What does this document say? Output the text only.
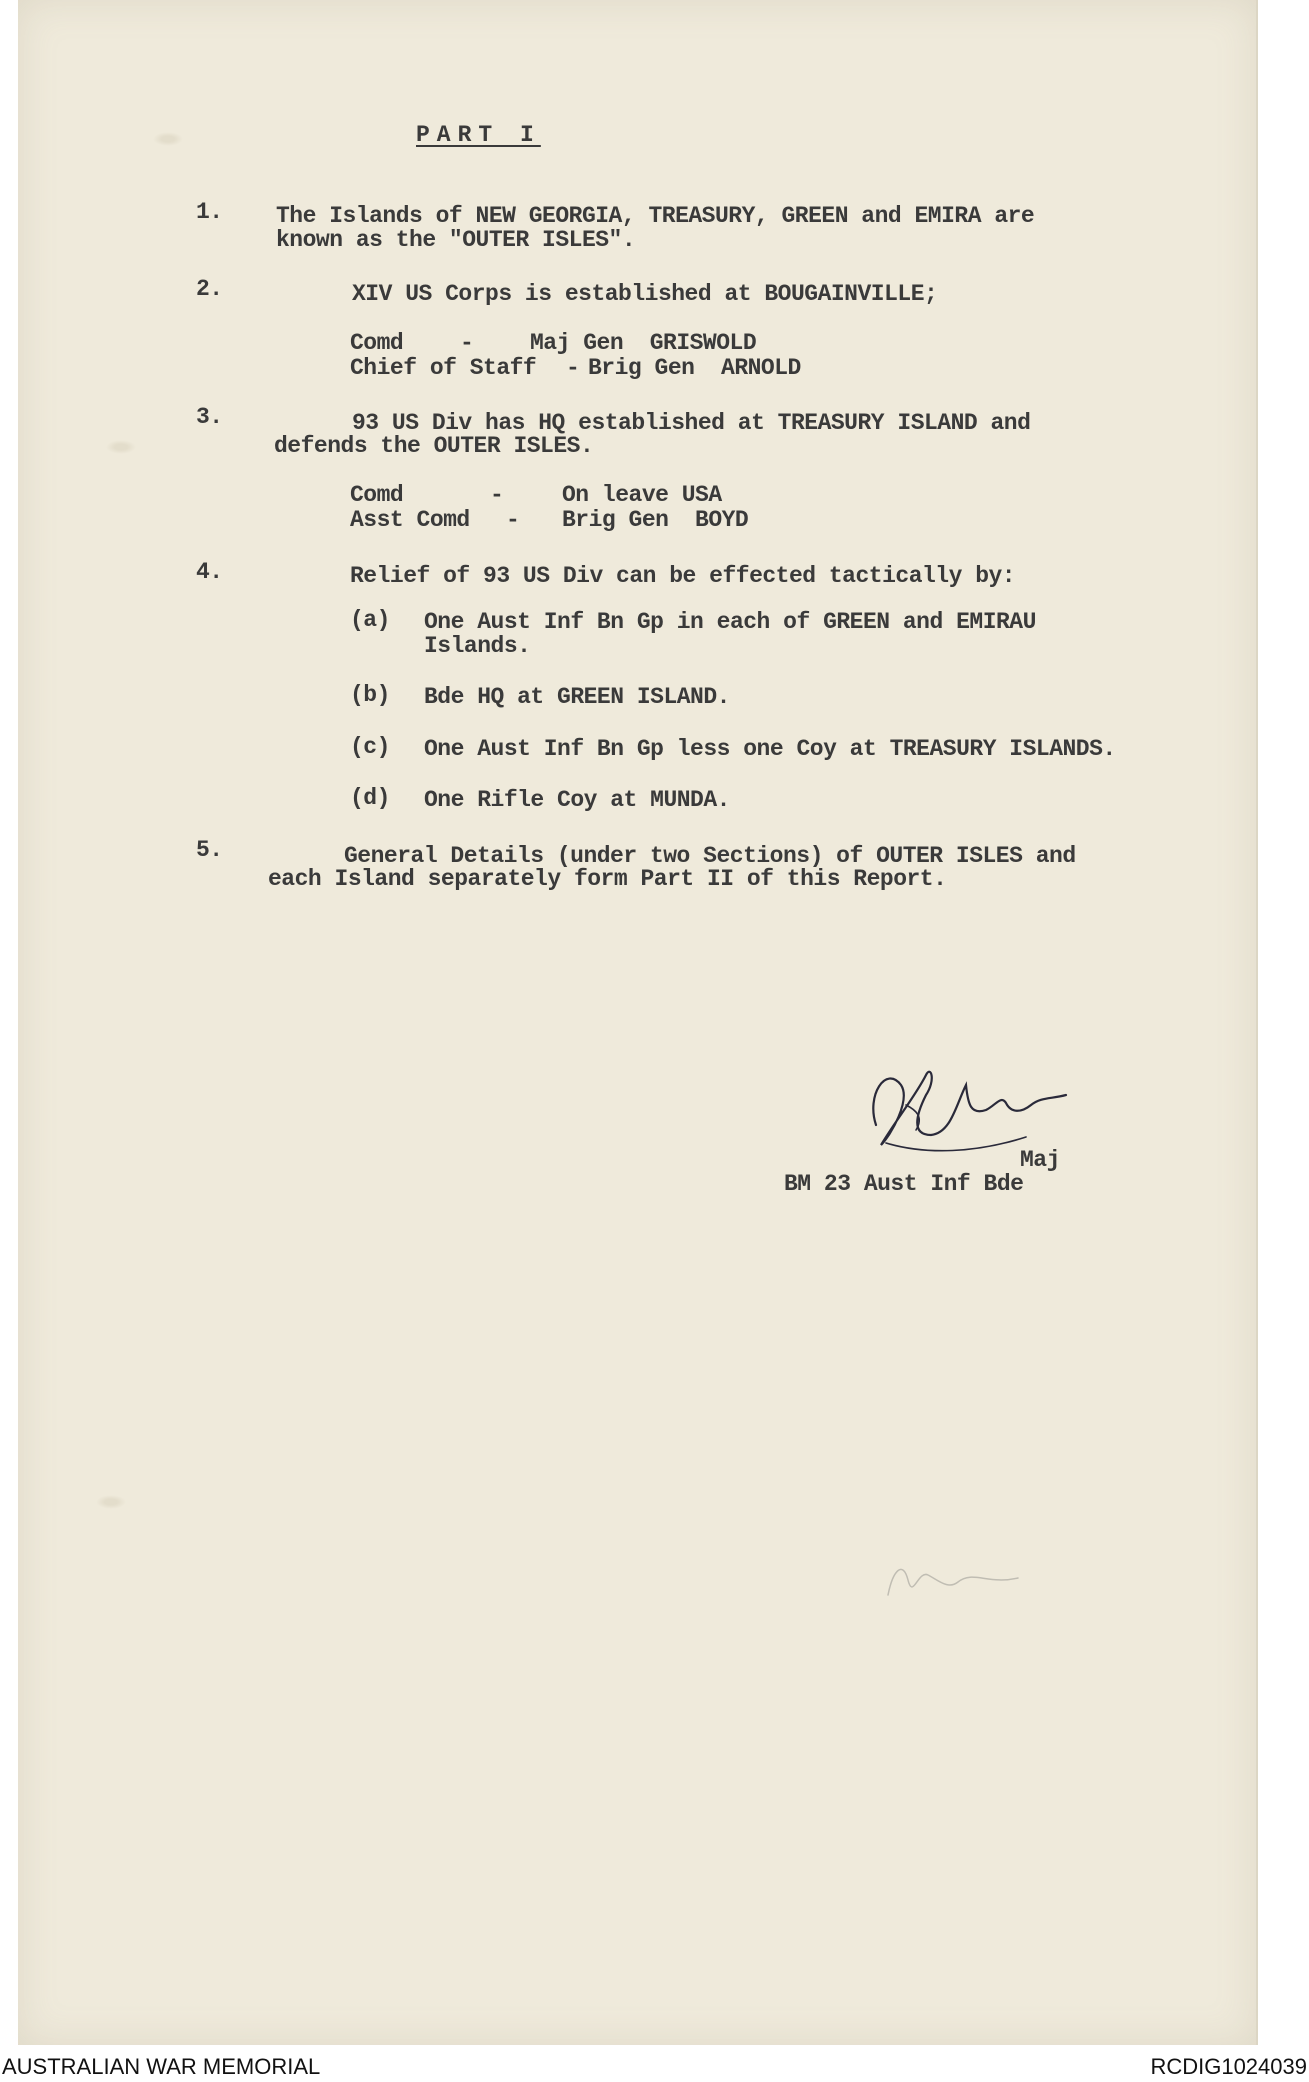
PART I
1. The Islands of NEW GEORGIA, TREASURY, GREEN and EMIRA are
known as the "OUTER ISLES".
2.	XIV US Corps is established at BOUGAINVILLE;
Comd - Maj Gen  GRISWOLD
Chief of Staff - Brig Gen  ARNOLD
3.	93 US Div has HQ established at TREASURY ISLAND and
defends the OUTER ISLES.
Comd	-	On leave USA
Asst Comd - Brig Gen  BOYD
4.	Relief of 93 US Div can be effected tactically by:
(a) One Aust Inf Bn Gp in each of GREEN and EMIRAU
Islands.
(b) Bde HQ at GREEN ISLAND.
(c) One Aust Inf Bn Gp less one Coy at TREASURY ISLANDS.
(d) One Rifle Coy at MUNDA.
5.	General Details (under two Sections) of OUTER ISLES and
each Island separately form Part II of this Report.
Maj
BM 23 Aust Inf Bde
AUSTRALIAN WAR MEMORIAL	RCDIG1024039
